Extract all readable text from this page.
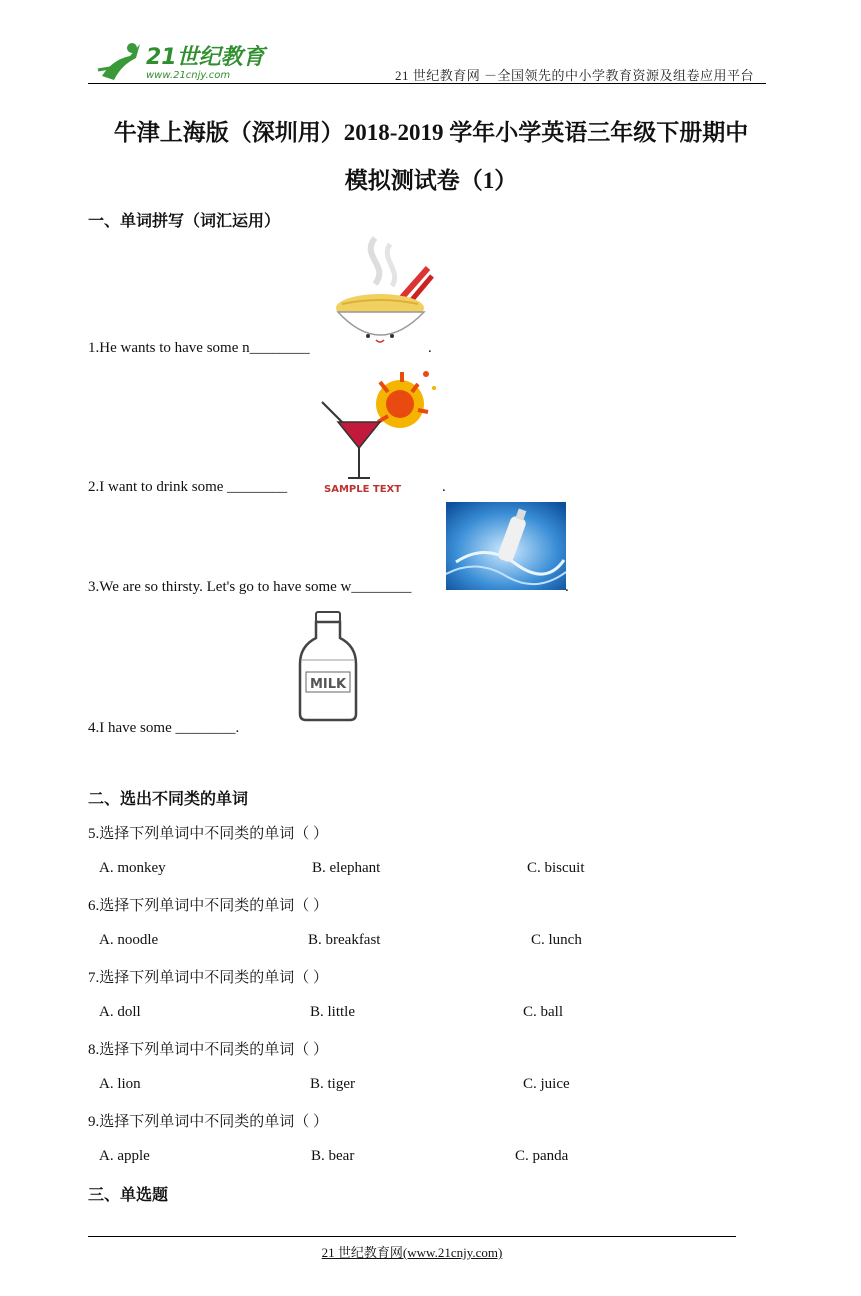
21世纪教育
www.21cnjy.com	21 世纪教育网 －全国领先的中小学教育资源及组卷应用平台
牛津上海版（深圳用）2018-2019 学年小学英语三年级下册期中
模拟测试卷（1）
一、单词拼写（词汇运用）
1.He wants to have some n________	.
SAMPLE TEXT
2.I want to drink some ________	.
3.We are so thirsty. Let's go to have some w________	.
MILK
4.I have some ________.
二、选出不同类的单词
5.选择下列单词中不同类的单词（ ）
A. monkey	B. elephant	C. biscuit
6.选择下列单词中不同类的单词（ ）
A. noodle	B. breakfast	C. lunch
7.选择下列单词中不同类的单词（ ）
A. doll	B. little	C. ball
8.选择下列单词中不同类的单词（ ）
A. lion	B. tiger	C. juice
9.选择下列单词中不同类的单词（ ）
A. apple	B. bear	C. panda
三、单选题
21 世纪教育网(www.21cnjy.com)
